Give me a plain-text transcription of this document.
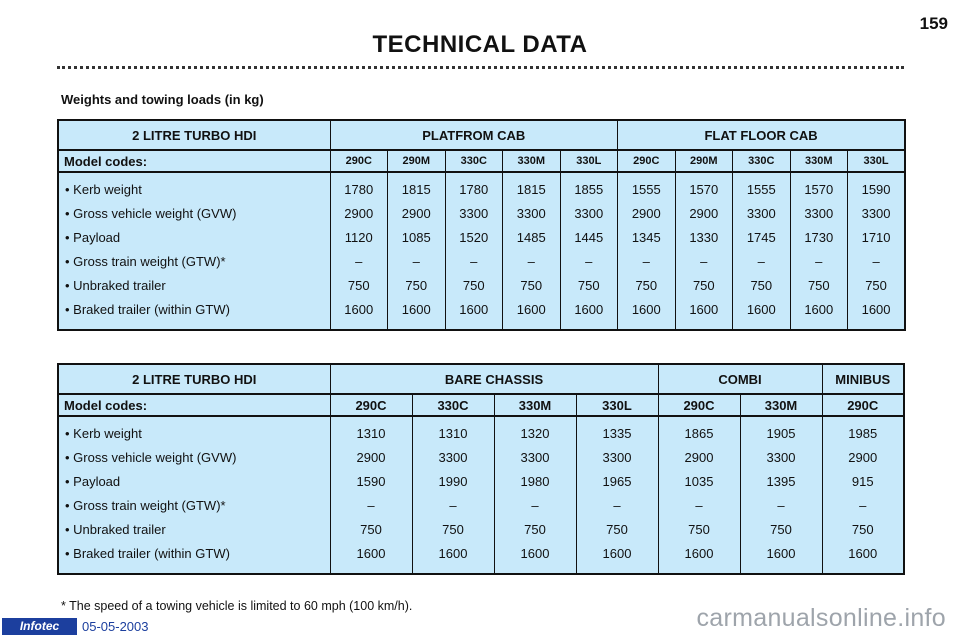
159
TECHNICAL DATA
Weights and towing loads (in kg)
2 LITRE TURBO HDI	PLATFROM CAB					FLAT FLOOR CAB				
Model codes:	290C	290M	330C	330M	330L	290C	290M	330C	330M	330L
• Kerb weight	1780	1815	1780	1815	1855	1555	1570	1555	1570	1590
• Gross vehicle weight (GVW)	2900	2900	3300	3300	3300	2900	2900	3300	3300	3300
• Payload	1120	1085	1520	1485	1445	1345	1330	1745	1730	1710
• Gross train weight (GTW)*	–	–	–	–	–	–	–	–	–	–
• Unbraked trailer	750	750	750	750	750	750	750	750	750	750
• Braked trailer (within GTW)	1600	1600	1600	1600	1600	1600	1600	1600	1600	1600
2 LITRE TURBO HDI	BARE CHASSIS				COMBI		MINIBUS
Model codes:	290C	330C	330M	330L	290C	330M	290C
• Kerb weight	1310	1310	1320	1335	1865	1905	1985
• Gross vehicle weight (GVW)	2900	3300	3300	3300	2900	3300	2900
• Payload	1590	1990	1980	1965	1035	1395	915
• Gross train weight (GTW)*	–	–	–	–	–	–	–
• Unbraked trailer	750	750	750	750	750	750	750
• Braked trailer (within GTW)	1600	1600	1600	1600	1600	1600	1600
* The speed of a towing vehicle is limited to 60 mph (100 km/h).
Infotec	05-05-2003	carmanualsonline.info
